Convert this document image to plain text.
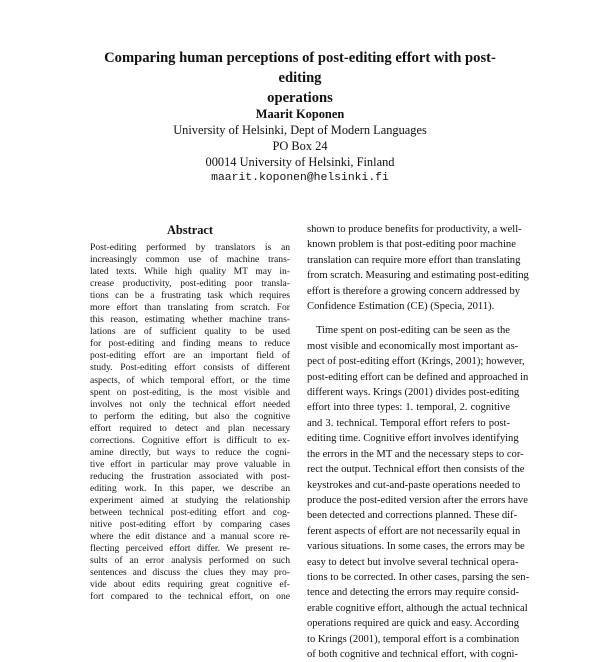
Comparing human perceptions of post-editing effort with post-editing
operations
Maarit Koponen
University of Helsinki, Dept of Modern Languages
PO Box 24
00014 University of Helsinki, Finland
maarit.koponen@helsinki.fi
Abstract
Post-editing performed by translators is an
increasingly common use of machine trans-
lated texts. While high quality MT may in-
crease productivity, post-editing poor transla-
tions can be a frustrating task which requires
more effort than translating from scratch. For
this reason, estimating whether machine trans-
lations are of sufficient quality to be used
for post-editing and finding means to reduce
post-editing effort are an important field of
study. Post-editing effort consists of different
aspects, of which temporal effort, or the time
spent on post-editing, is the most visible and
involves not only the technical effort needed
to perform the editing, but also the cognitive
effort required to detect and plan necessary
corrections. Cognitive effort is difficult to ex-
amine directly, but ways to reduce the cogni-
tive effort in particular may prove valuable in
reducing the frustration associated with post-
editing work. In this paper, we describe an
experiment aimed at studying the relationship
between technical post-editing effort and cog-
nitive post-editing effort by comparing cases
where the edit distance and a manual score re-
flecting perceived effort differ. We present re-
sults of an error analysis performed on such
sentences and discuss the clues they may pro-
vide about edits requiring great cognitive ef-
fort compared to the technical effort, on one
shown to produce benefits for productivity, a well-
known problem is that post-editing poor machine
translation can require more effort than translating
from scratch. Measuring and estimating post-editing
effort is therefore a growing concern addressed by
Confidence Estimation (CE) (Specia, 2011).
Time spent on post-editing can be seen as the
most visible and economically most important as-
pect of post-editing effort (Krings, 2001); however,
post-editing effort can be defined and approached in
different ways. Krings (2001) divides post-editing
effort into three types: 1. temporal, 2. cognitive
and 3. technical. Temporal effort refers to post-
editing time. Cognitive effort involves identifying
the errors in the MT and the necessary steps to cor-
rect the output. Technical effort then consists of the
keystrokes and cut-and-paste operations needed to
produce the post-edited version after the errors have
been detected and corrections planned. These dif-
ferent aspects of effort are not necessarily equal in
various situations. In some cases, the errors may be
easy to detect but involve several technical opera-
tions to be corrected. In other cases, parsing the sen-
tence and detecting the errors may require consid-
erable cognitive effort, although the actual technical
operations required are quick and easy. According
to Krings (2001), temporal effort is a combination
of both cognitive and technical effort, with cogni-
